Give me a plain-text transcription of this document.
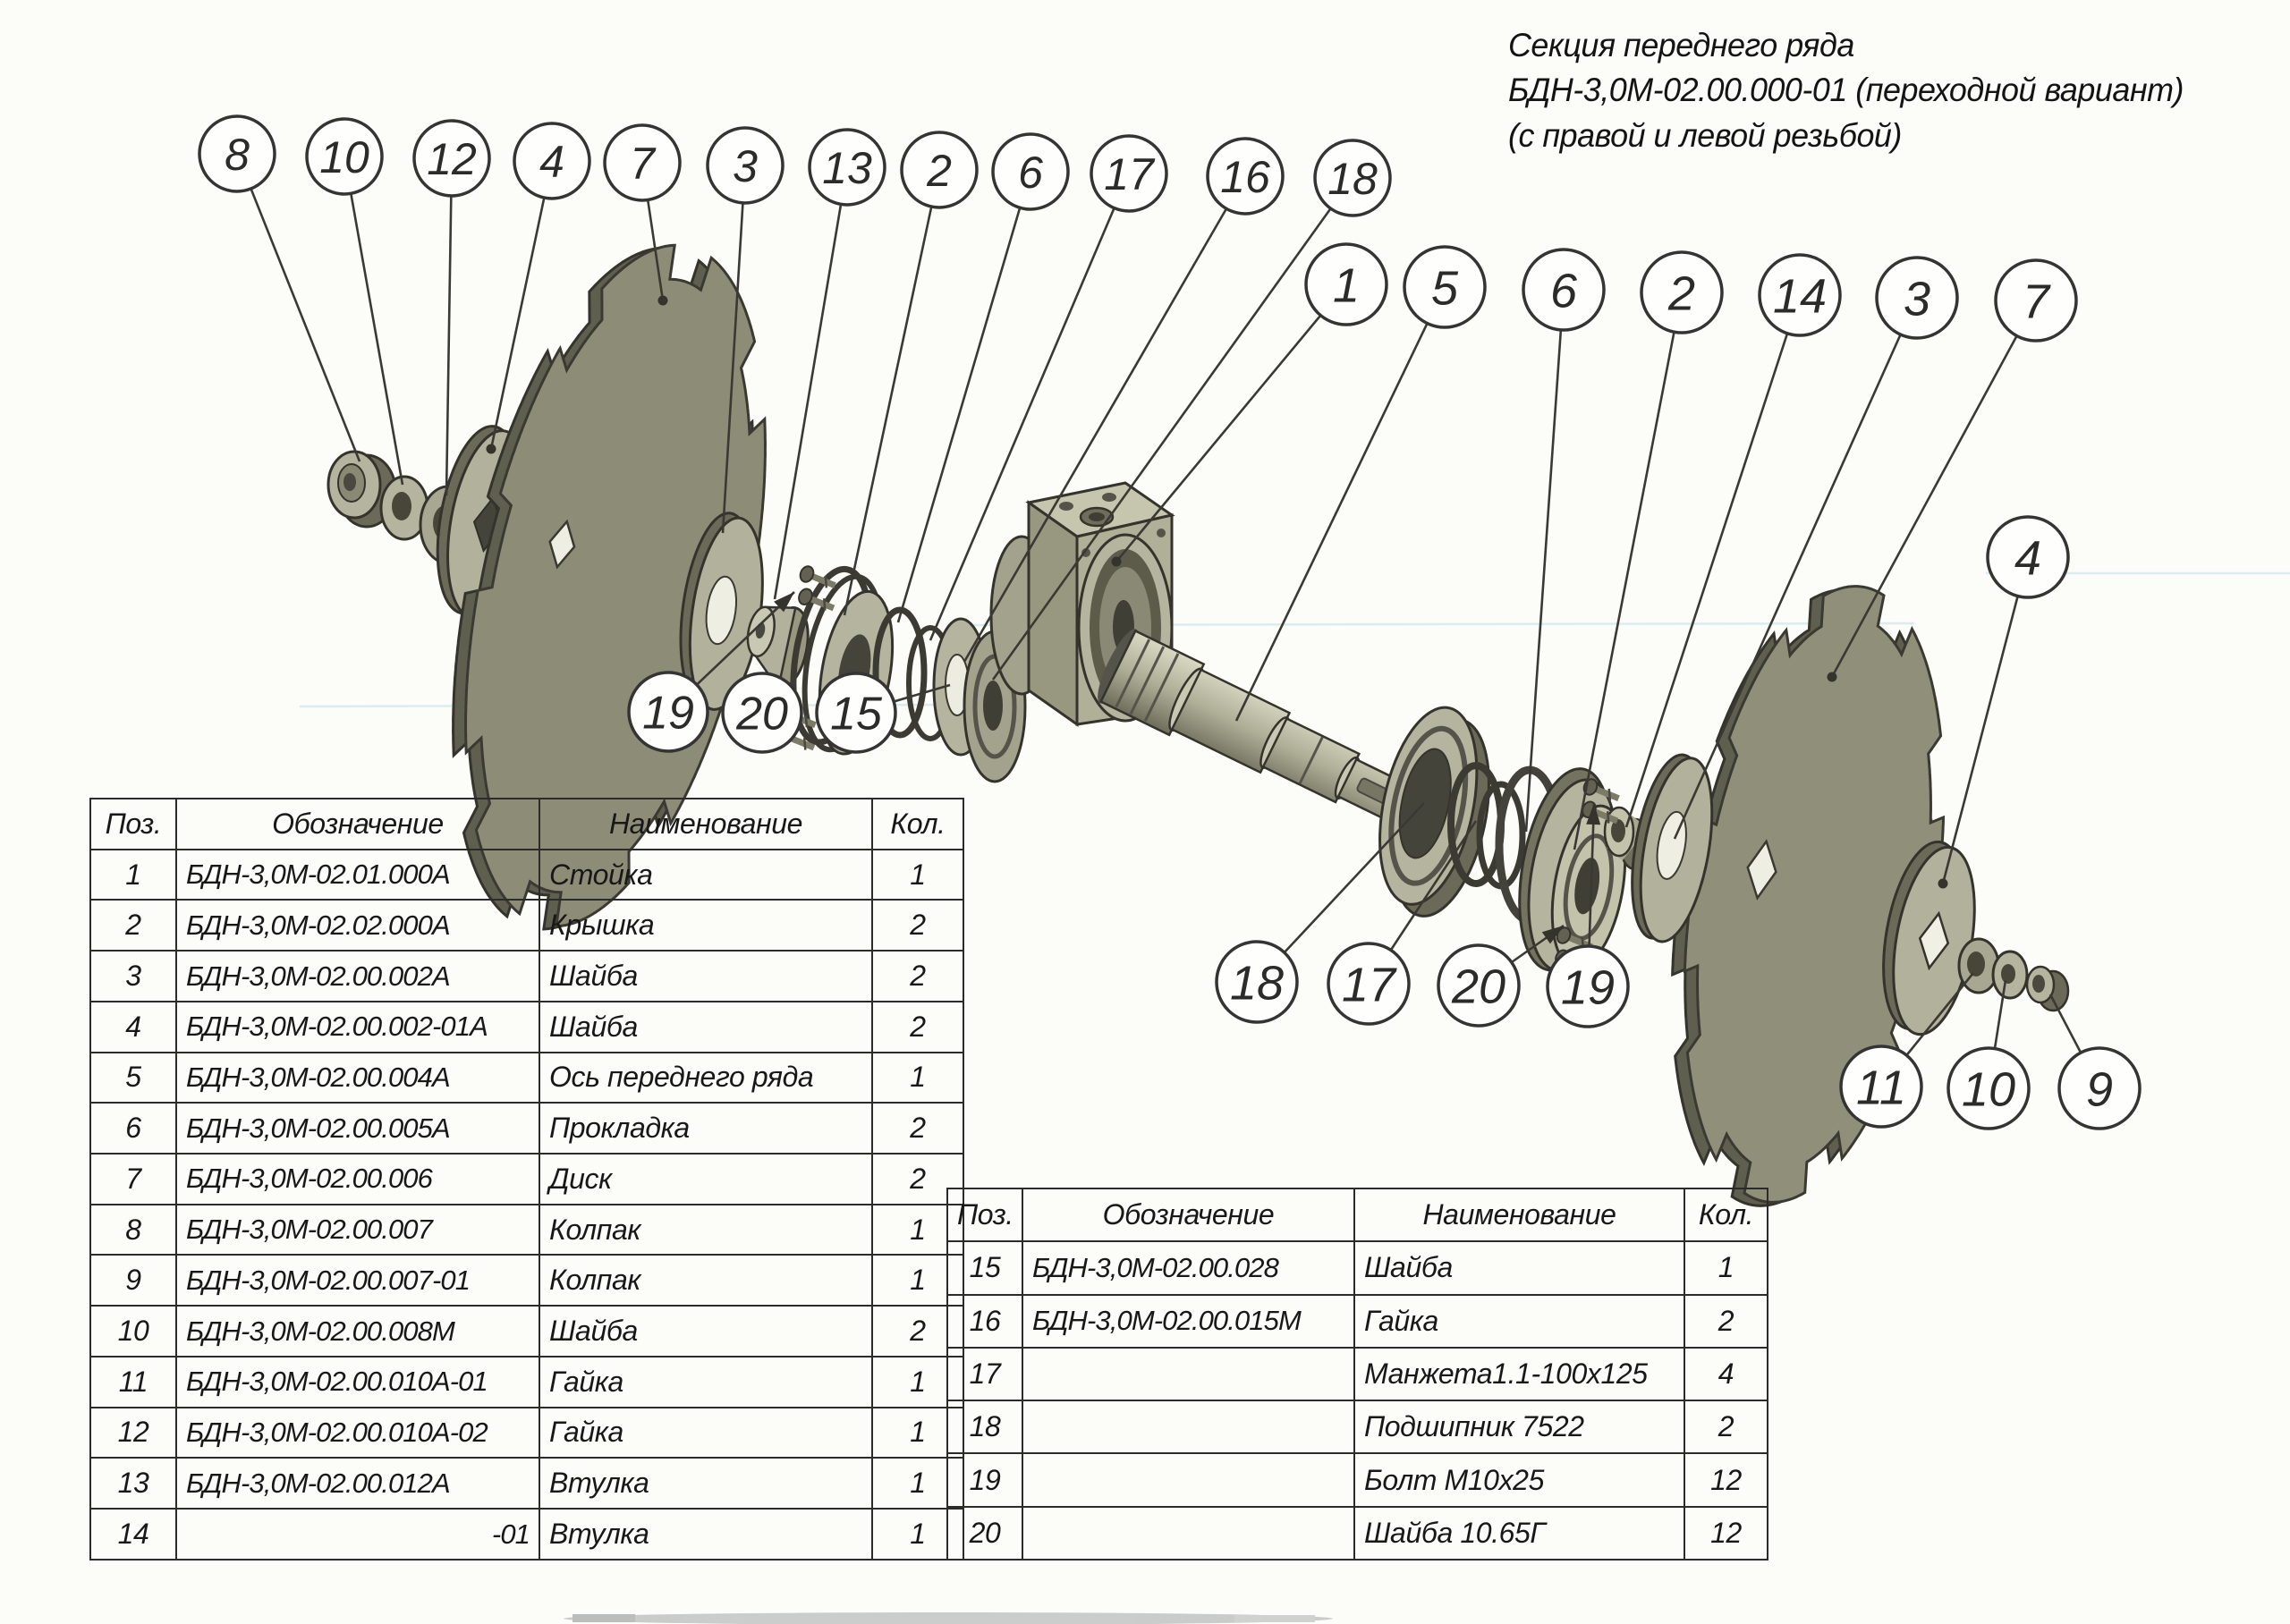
8 10 12 4 7 3 13 2 6 17 16 18
1 5 6 2 14 3 7
4
19 20 15
18 17 20 19
11 10 9
Секция переднего ряда
БДН-3,0М-02.00.000-01 (переходной вариант)
(с правой и левой резьбой)
Поз.	Обозначение	Наименование	Кол.
1	БДН-3,0М-02.01.000А	Стойка	1
2	БДН-3,0М-02.02.000А	Крышка	2
3	БДН-3,0М-02.00.002А	Шайба	2
4	БДН-3,0М-02.00.002-01А	Шайба	2
5	БДН-3,0М-02.00.004А	Ось переднего ряда	1
6	БДН-3,0М-02.00.005А	Прокладка	2
7	БДН-3,0М-02.00.006	Диск	2
8	БДН-3,0М-02.00.007	Колпак	1
9	БДН-3,0М-02.00.007-01	Колпак	1
10	БДН-3,0М-02.00.008М	Шайба	2
11	БДН-3,0М-02.00.010А-01	Гайка	1
12	БДН-3,0М-02.00.010А-02	Гайка	1
13	БДН-3,0М-02.00.012А	Втулка	1
14	-01	Втулка	1
Поз.	Обозначение	Наименование	Кол.
15	БДН-3,0М-02.00.028	Шайба	1
16	БДН-3,0М-02.00.015М	Гайка	2
17		Манжета1.1-100х125	4
18		Подшипник 7522	2
19		Болт М10х25	12
20		Шайба 10.65Г	12
